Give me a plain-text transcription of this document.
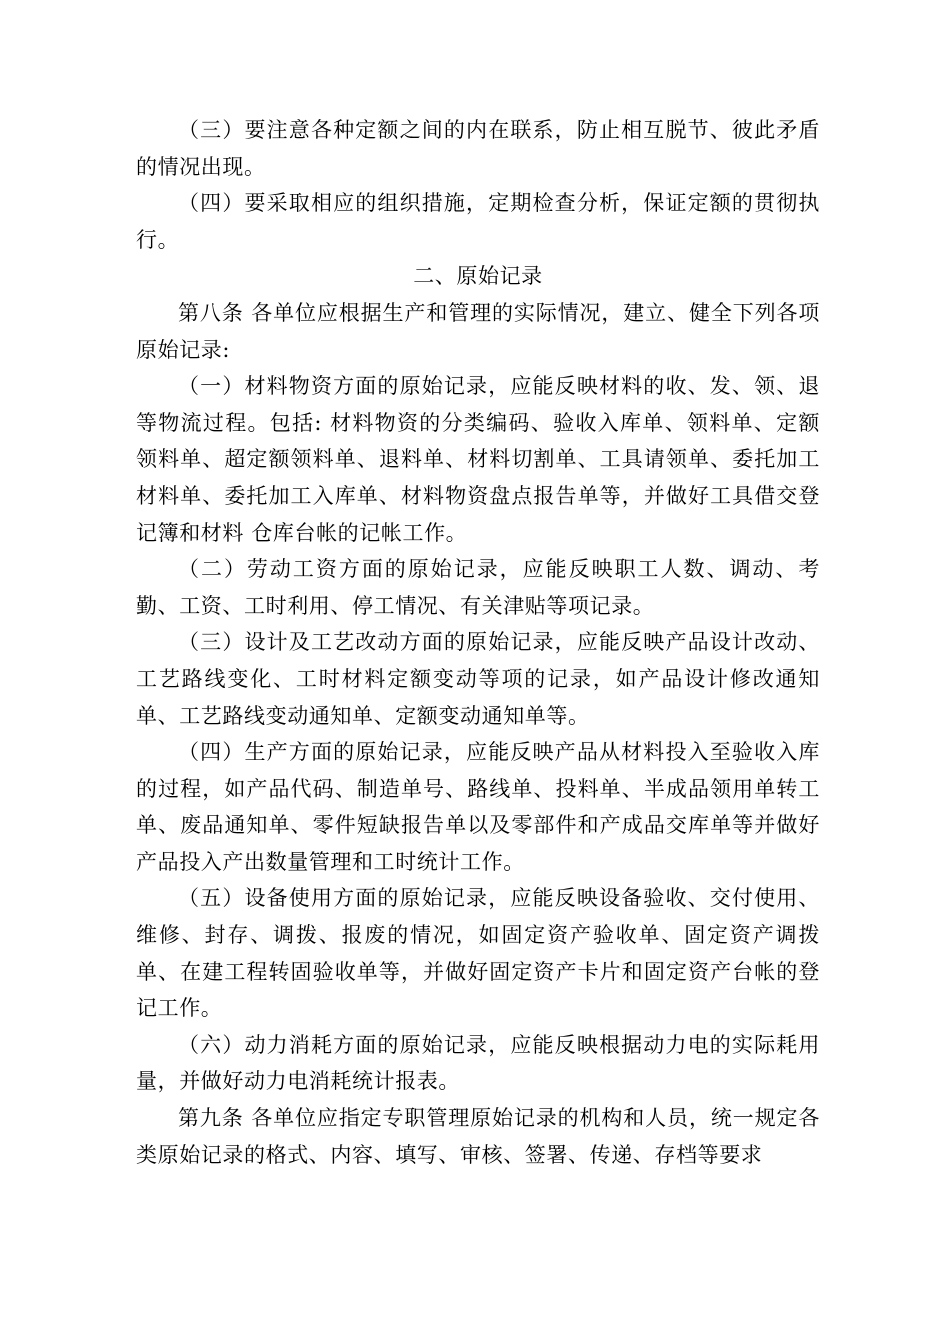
（三）要注意各种定额之间的内在联系，防止相互脱节、彼此矛盾的情况出现。

（四）要采取相应的组织措施，定期检查分析，保证定额的贯彻执行。

二、原始记录

第八条 各单位应根据生产和管理的实际情况，建立、健全下列各项原始记录:

（一）材料物资方面的原始记录，应能反映材料的收、发、领、退等物流过程。包括: 材料物资的分类编码、验收入库单、领料单、定额领料单、超定额领料单、退料单、材料切割单、工具请领单、委托加工材料单、委托加工入库单、材料物资盘点报告单等，并做好工具借交登记簿和材料 仓库台帐的记帐工作。

（二）劳动工资方面的原始记录，应能反映职工人数、调动、考勤、工资、工时利用、停工情况、有关津贴等项记录。

（三）设计及工艺改动方面的原始记录，应能反映产品设计改动、工艺路线变化、工时材料定额变动等项的记录，如产品设计修改通知单、工艺路线变动通知单、定额变动通知单等。

（四）生产方面的原始记录，应能反映产品从材料投入至验收入库的过程，如产品代码、制造单号、路线单、投料单、半成品领用单转工单、废品通知单、零件短缺报告单以及零部件和产成品交库单等并做好产品投入产出数量管理和工时统计工作。

（五）设备使用方面的原始记录，应能反映设备验收、交付使用、维修、封存、调拨、报废的情况，如固定资产验收单、固定资产调拨单、在建工程转固验收单等，并做好固定资产卡片和固定资产台帐的登记工作。

（六）动力消耗方面的原始记录，应能反映根据动力电的实际耗用量，并做好动力电消耗统计报表。

第九条 各单位应指定专职管理原始记录的机构和人员，统一规定各类原始记录的格式、内容、填写、审核、签署、传递、存档等要求
